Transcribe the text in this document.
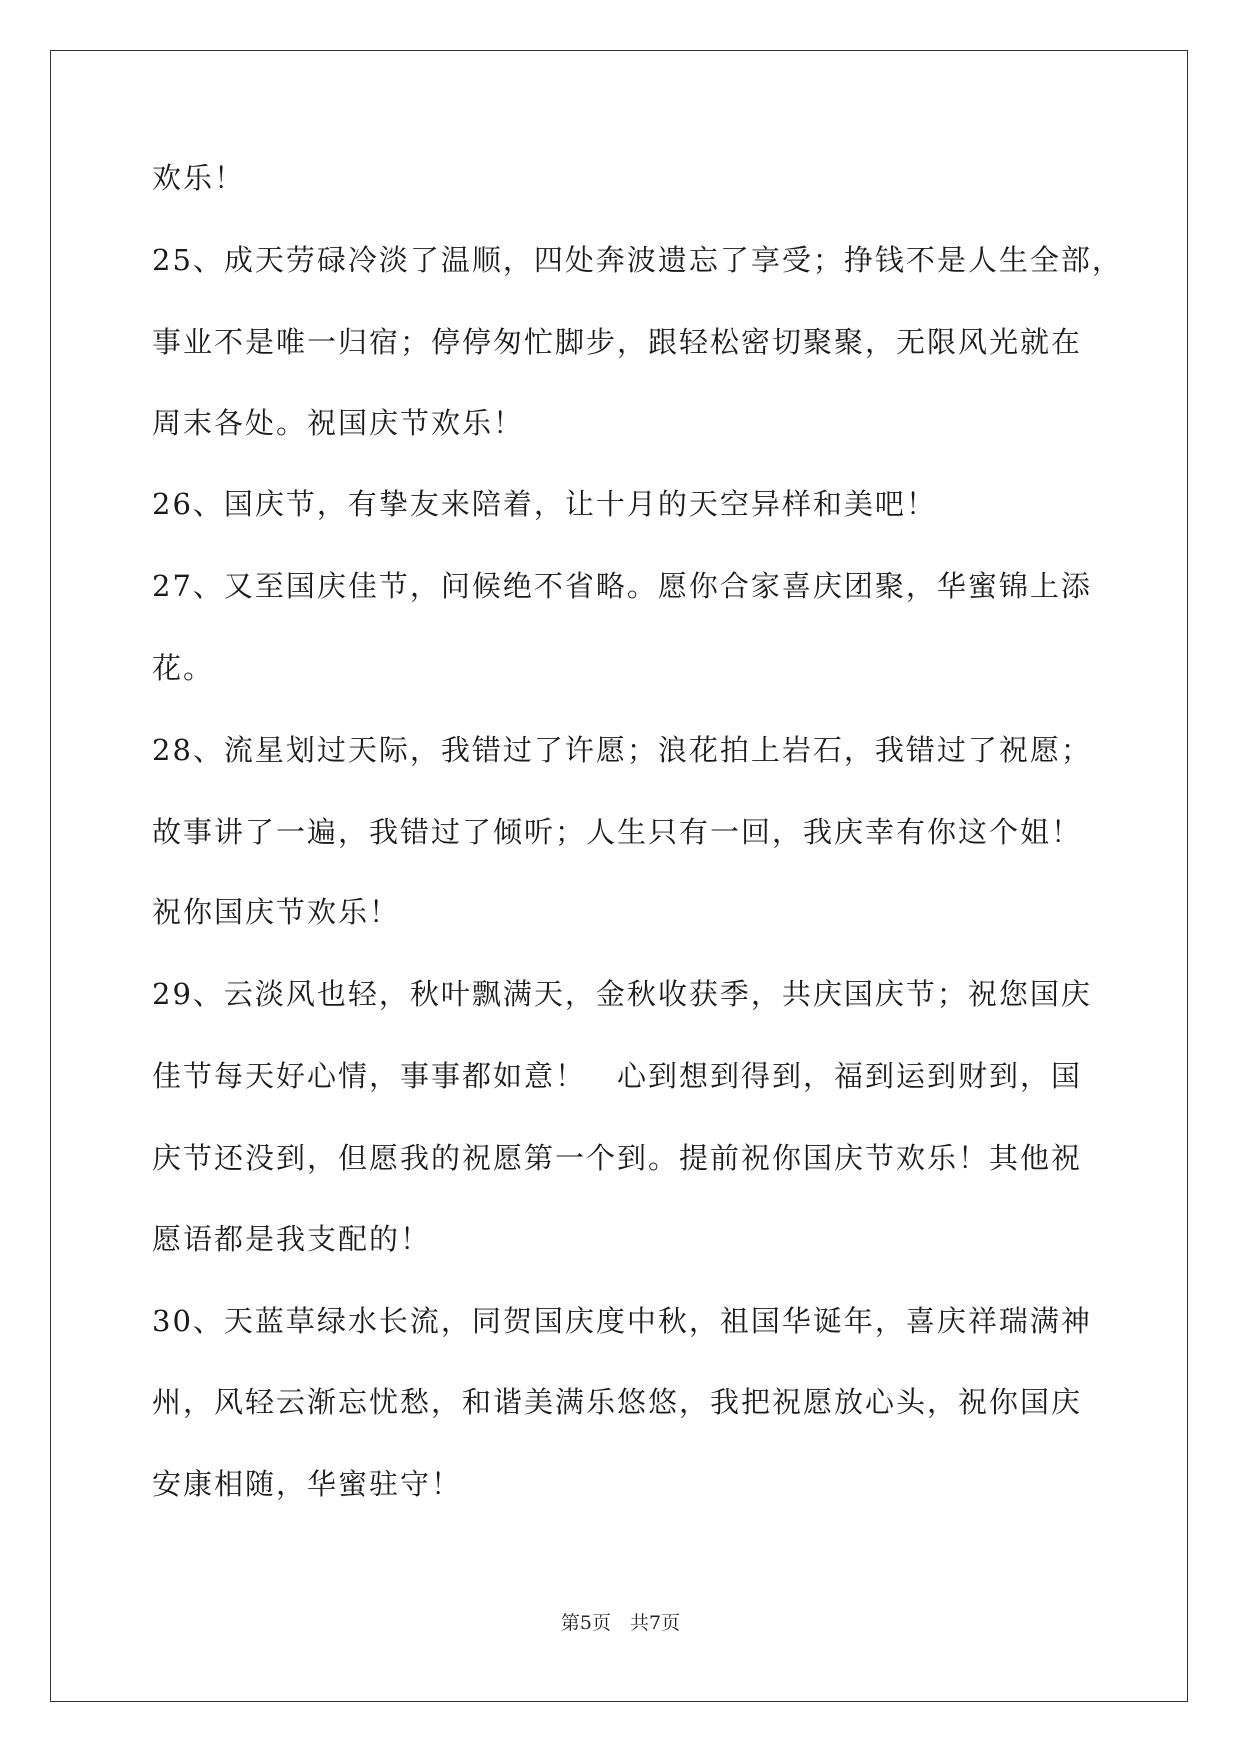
欢乐！
25、成天劳碌冷淡了温顺，四处奔波遗忘了享受；挣钱不是人生全部，
事业不是唯一归宿；停停匆忙脚步，跟轻松密切聚聚，无限风光就在
周末各处。祝国庆节欢乐！
26、国庆节，有挚友来陪着，让十月的天空异样和美吧！
27、又至国庆佳节，问候绝不省略。愿你合家喜庆团聚，华蜜锦上添
花。
28、流星划过天际，我错过了许愿；浪花拍上岩石，我错过了祝愿；
故事讲了一遍，我错过了倾听；人生只有一回，我庆幸有你这个姐！
祝你国庆节欢乐！
29、云淡风也轻，秋叶飘满天，金秋收获季，共庆国庆节；祝您国庆
佳节每天好心情，事事都如意！　心到想到得到，福到运到财到，国
庆节还没到，但愿我的祝愿第一个到。提前祝你国庆节欢乐！其他祝
愿语都是我支配的！
30、天蓝草绿水长流，同贺国庆度中秋，祖国华诞年，喜庆祥瑞满神
州，风轻云渐忘忧愁，和谐美满乐悠悠，我把祝愿放心头，祝你国庆
安康相随，华蜜驻守！
第5页　共7页
